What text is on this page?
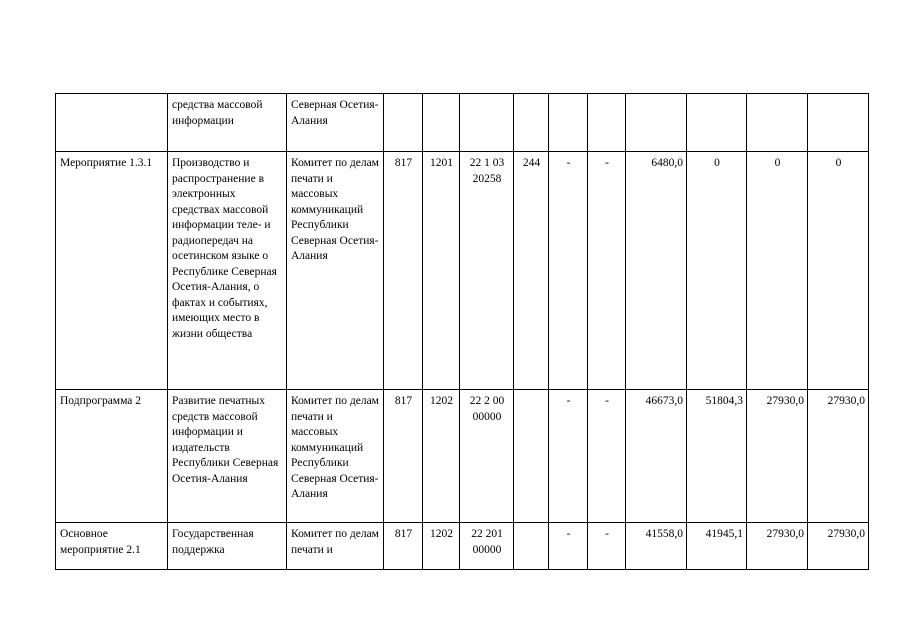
	средства массовой информации	Северная Осетия-Алания										
Мероприятие 1.3.1	Производство и распространение в электронных средствах массовой информации теле- и радиопередач на осетинском языке о Республике Северная Осетия-Алания, о фактах и событиях, имеющих место в жизни общества	Комитет по делам печати и массовых коммуникаций Республики Северная Осетия-Алания	817	1201	22 1 03 20258	244	-	-	6480,0	0	0	0
Подпрограмма 2	Развитие печатных средств массовой информации и издательств Республики Северная Осетия-Алания	Комитет по делам печати и массовых коммуникаций Республики Северная Осетия-Алания	817	1202	22 2 00 00000		-	-	46673,0	51804,3	27930,0	27930,0
Основное мероприятие 2.1	Государственная поддержка	Комитет по делам печати и	817	1202	22 201 00000		-	-	41558,0	41945,1	27930,0	27930,0
